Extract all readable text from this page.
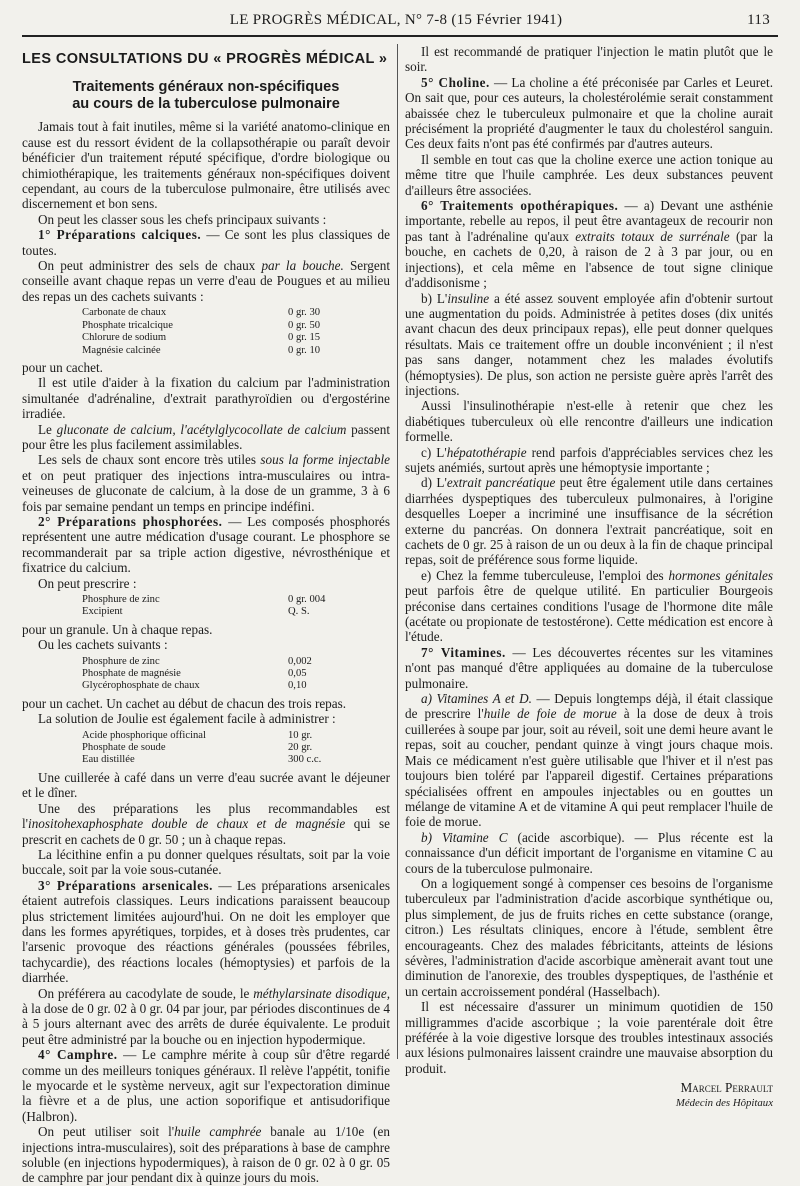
LE PROGRÈS MÉDICAL, N° 7-8 (15 Février 1941)	113
LES CONSULTATIONS DU « PROGRÈS MÉDICAL »
Traitements généraux non-spécifiques
au cours de la tuberculose pulmonaire

Jamais tout à fait inutiles, même si la variété anatomo-clinique en cause est du ressort évident de la collapsothérapie ou paraît devoir bénéficier d'un traitement réputé spécifique, d'ordre biologique ou chimiothérapique, les traitements généraux non-spécifiques doivent cependant, au cours de la tuberculose pulmonaire, être utilisés avec discernement et bon sens.

On peut les classer sous les chefs principaux suivants :

1° Préparations calciques. — Ce sont les plus classiques de toutes.

On peut administrer des sels de chaux par la bouche. Sergent conseille avant chaque repas un verre d'eau de Pougues et au milieu des repas un des cachets suivants :

Carbonate de chaux	0 gr. 30
Phosphate tricalcique	0 gr. 50
Chlorure de sodium	0 gr. 15
Magnésie calcinée	0 gr. 10

pour un cachet.

Il est utile d'aider à la fixation du calcium par l'administration simultanée d'adrénaline, d'extrait parathyroïdien ou d'ergostérine irradiée.

Le gluconate de calcium, l'acétylglycocollate de calcium passent pour être les plus facilement assimilables.

Les sels de chaux sont encore très utiles sous la forme injectable et on peut pratiquer des injections intra-musculaires ou intra-veineuses de gluconate de calcium, à la dose de un gramme, 3 à 6 fois par semaine pendant un temps en principe indéfini.

2° Préparations phosphorées. — Les composés phosphorés représentent une autre médication d'usage courant. Le phosphore se recommanderait par sa triple action digestive, névrosthénique et fixatrice du calcium.

On peut prescrire :

Phosphure de zinc	0 gr. 004
Excipient	Q. S.

pour un granule. Un à chaque repas.

Ou les cachets suivants :

Phosphure de zinc	0,002
Phosphate de magnésie	0,05
Glycérophosphate de chaux	0,10

pour un cachet. Un cachet au début de chacun des trois repas.

La solution de Joulie est également facile à administrer :

Acide phosphorique officinal	10 gr.
Phosphate de soude	20 gr.
Eau distillée	300 c.c.

Une cuillerée à café dans un verre d'eau sucrée avant le déjeuner et le dîner.

Une des préparations les plus recommandables est l'inositohexaphosphate double de chaux et de magnésie qui se prescrit en cachets de 0 gr. 50 ; un à chaque repas.

La lécithine enfin a pu donner quelques résultats, soit par la voie buccale, soit par la voie sous-cutanée.

3° Préparations arsenicales. — Les préparations arsenicales étaient autrefois classiques. Leurs indications paraissent beaucoup plus strictement limitées aujourd'hui. On ne doit les employer que dans les formes apyrétiques, torpides, et à doses très prudentes, car l'arsenic provoque des réactions générales (poussées fébriles, tachycardie), des réactions locales (hémoptysies) et parfois de la diarrhée.

On préférera au cacodylate de soude, le méthylarsinate disodique, à la dose de 0 gr. 02 à 0 gr. 04 par jour, par périodes discontinues de 4 à 5 jours alternant avec des arrêts de durée équivalente. Le produit peut être administré par la bouche ou en injection hypodermique.

4° Camphre. — Le camphre mérite à coup sûr d'être regardé comme un des meilleurs toniques généraux. Il relève l'appétit, tonifie le myocarde et le système nerveux, agit sur l'expectoration diminue la fièvre et a de plus, une action soporifique et antisudorifique (Halbron).

On peut utiliser soit l'huile camphrée banale au 1/10e (en injections intra-musculaires), soit des préparations à base de camphre soluble (en injections hypodermiques), à raison de 0 gr. 02 à 0 gr. 05 de camphre par jour pendant dix à quinze jours du mois.

Il est recommandé de pratiquer l'injection le matin plutôt que le soir.

5° Choline. — La choline a été préconisée par Carles et Leuret. On sait que, pour ces auteurs, la cholestérolémie serait constamment abaissée chez le tuberculeux pulmonaire et que la choline aurait précisément la propriété d'augmenter le taux du cholestérol sanguin. Ces deux faits n'ont pas été confirmés par d'autres auteurs.

Il semble en tout cas que la choline exerce une action tonique au même titre que l'huile camphrée. Les deux substances peuvent d'ailleurs être associées.

6° Traitements opothérapiques. — a) Devant une asthénie importante, rebelle au repos, il peut être avantageux de recourir non pas tant à l'adrénaline qu'aux extraits totaux de surrénale (par la bouche, en cachets de 0,20, à raison de 2 à 3 par jour, ou en injections), et cela même en l'absence de tout signe clinique d'addisonisme ;

b) L'insuline a été assez souvent employée afin d'obtenir surtout une augmentation du poids. Administrée à petites doses (dix unités avant chacun des deux principaux repas), elle peut donner quelques résultats. Mais ce traitement offre un double inconvénient ; il n'est pas sans danger, notamment chez les malades évolutifs (hémoptysies). De plus, son action ne persiste guère après l'arrêt des injections.

Aussi l'insulinothérapie n'est-elle à retenir que chez les diabétiques tuberculeux où elle rencontre d'ailleurs une indication formelle.

c) L'hépatothérapie rend parfois d'appréciables services chez les sujets anémiés, surtout après une hémoptysie importante ;

d) L'extrait pancréatique peut être également utile dans certaines diarrhées dyspeptiques des tuberculeux pulmonaires, à l'origine desquelles Loeper a incriminé une insuffisance de la sécrétion externe du pancréas. On donnera l'extrait pancréatique, soit en cachets de 0 gr. 25 à raison de un ou deux à la fin de chaque principal repas, soit de préférence sous forme liquide.

e) Chez la femme tuberculeuse, l'emploi des hormones génitales peut parfois être de quelque utilité. En particulier Bourgeois préconise dans certaines conditions l'usage de l'hormone dite mâle (acétate ou propionate de testostérone). Cette médication est encore à l'étude.

7° Vitamines. — Les découvertes récentes sur les vitamines n'ont pas manqué d'être appliquées au domaine de la tuberculose pulmonaire.

a) Vitamines A et D. — Depuis longtemps déjà, il était classique de prescrire l'huile de foie de morue à la dose de deux à trois cuillerées à soupe par jour, soit au réveil, soit une demi heure avant le repas, soit au coucher, pendant quinze à vingt jours chaque mois. Mais ce médicament n'est guère utilisable que l'hiver et il n'est pas toujours bien toléré par l'appareil digestif. Certaines préparations spécialisées offrent en ampoules injectables ou en gouttes un mélange de vitamine A et de vitamine A qui peut remplacer l'huile de foie de morue.

b) Vitamine C (acide ascorbique). — Plus récente est la connaissance d'un déficit important de l'organisme en vitamine C au cours de la tuberculose pulmonaire.

On a logiquement songé à compenser ces besoins de l'organisme tuberculeux par l'administration d'acide ascorbique synthétique ou, plus simplement, de jus de fruits riches en cette substance (orange, citron.) Les résultats cliniques, encore à l'étude, semblent être encourageants. Chez des malades fébricitants, atteints de lésions sévères, l'administration d'acide ascorbique amènerait avant tout une diminution de l'anorexie, des troubles dyspeptiques, de l'asthénie et un certain accroissement pondéral (Hasselbach).

Il est nécessaire d'assurer un minimum quotidien de 150 milligrammes d'acide ascorbique ; la voie parentérale doit être préférée à la voie digestive lorsque des troubles intestinaux associés aux lésions pulmonaires laissent craindre une mauvaise absorption du produit.

Marcel Perrault
Médecin des Hôpitaux
